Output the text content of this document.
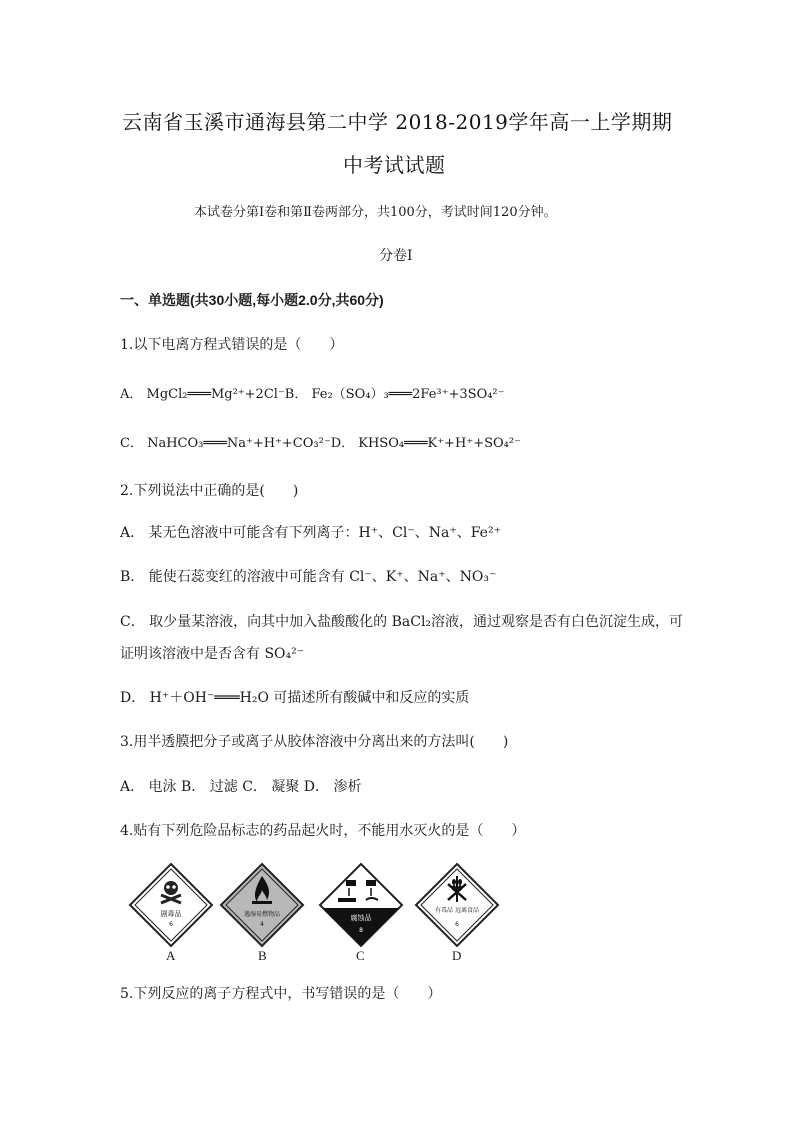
云南省玉溪市通海县第二中学 2018-2019学年高一上学期期
中考试试题
本试卷分第Ⅰ卷和第Ⅱ卷两部分，共100分，考试时间120分钟。
分卷Ⅰ
一、单选题(共30小题,每小题2.0分,共60分)
1.以下电离方程式错误的是（　　）
A． MgCl₂═══Mg²⁺+2Cl⁻B． Fe₂（SO₄）₃═══2Fe³⁺+3SO₄²⁻
C． NaHCO₃═══Na⁺+H⁺+CO₃²⁻D． KHSO₄═══K⁺+H⁺+SO₄²⁻
2.下列说法中正确的是(　　)
A． 某无色溶液中可能含有下列离子：H⁺、Cl⁻、Na⁺、Fe²⁺
B． 能使石蕊变红的溶液中可能含有 Cl⁻、K⁺、Na⁺、NO₃⁻
C． 取少量某溶液，向其中加入盐酸酸化的 BaCl₂溶液，通过观察是否有白色沉淀生成，可
证明该溶液中是否含有 SO₄²⁻
D． H⁺＋OH⁻═══H₂O 可描述所有酸碱中和反应的实质
3.用半透膜把分子或离子从胶体溶液中分离出来的方法叫(　　)
A． 电泳 B． 过滤 C． 凝聚 D． 渗析
4.贴有下列危险品标志的药品起火时，不能用水灭火的是（　　）
剧毒品
6
遇湿易燃物品
4
腐蚀品
8
有毒品 远离食品
6
A	B	C	D
5.下列反应的离子方程式中，书写错误的是（　　）
